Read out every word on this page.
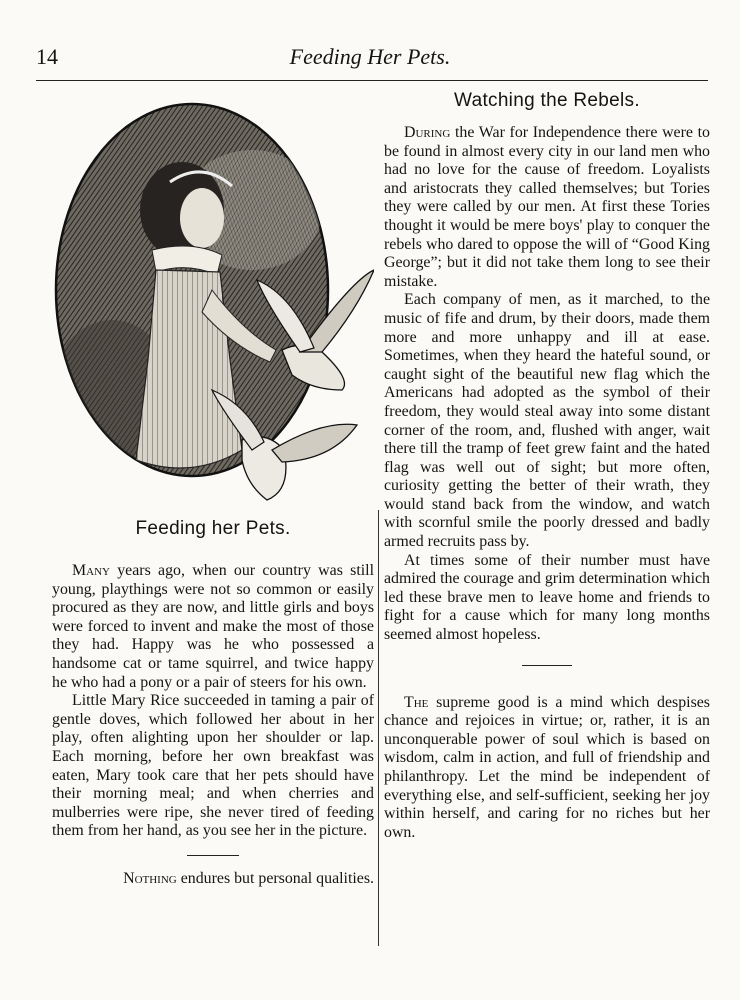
14	Feeding Her Pets.
Feeding her Pets.

Many years ago, when our country was still young, playthings were not so common or easily procured as they are now, and little girls and boys were forced to invent and make the most of those they had. Happy was he who possessed a handsome cat or tame squirrel, and twice happy he who had a pony or a pair of steers for his own.

Little Mary Rice succeeded in taming a pair of gentle doves, which followed her about in her play, often alighting upon her shoulder or lap. Each morning, before her own breakfast was eaten, Mary took care that her pets should have their morning meal; and when cherries and mulberries were ripe, she never tired of feeding them from her hand, as you see her in the picture.

Nothing endures but personal qualities.

Watching the Rebels.

During the War for Independence there were to be found in almost every city in our land men who had no love for the cause of freedom. Loyalists and aristocrats they called themselves; but Tories they were called by our men. At first these Tories thought it would be mere boys' play to conquer the rebels who dared to oppose the will of “Good King George”; but it did not take them long to see their mistake.

Each company of men, as it marched, to the music of fife and drum, by their doors, made them more and more unhappy and ill at ease. Sometimes, when they heard the hateful sound, or caught sight of the beautiful new flag which the Americans had adopted as the symbol of their freedom, they would steal away into some distant corner of the room, and, flushed with anger, wait there till the tramp of feet grew faint and the hated flag was well out of sight; but more often, curiosity getting the better of their wrath, they would stand back from the window, and watch with scornful smile the poorly dressed and badly armed recruits pass by.

At times some of their number must have admired the courage and grim determination which led these brave men to leave home and friends to fight for a cause which for many long months seemed almost hopeless.

The supreme good is a mind which despises chance and rejoices in virtue; or, rather, it is an unconquerable power of soul which is based on wisdom, calm in action, and full of friendship and philanthropy. Let the mind be independent of everything else, and self-sufficient, seeking her joy within herself, and caring for no riches but her own.
